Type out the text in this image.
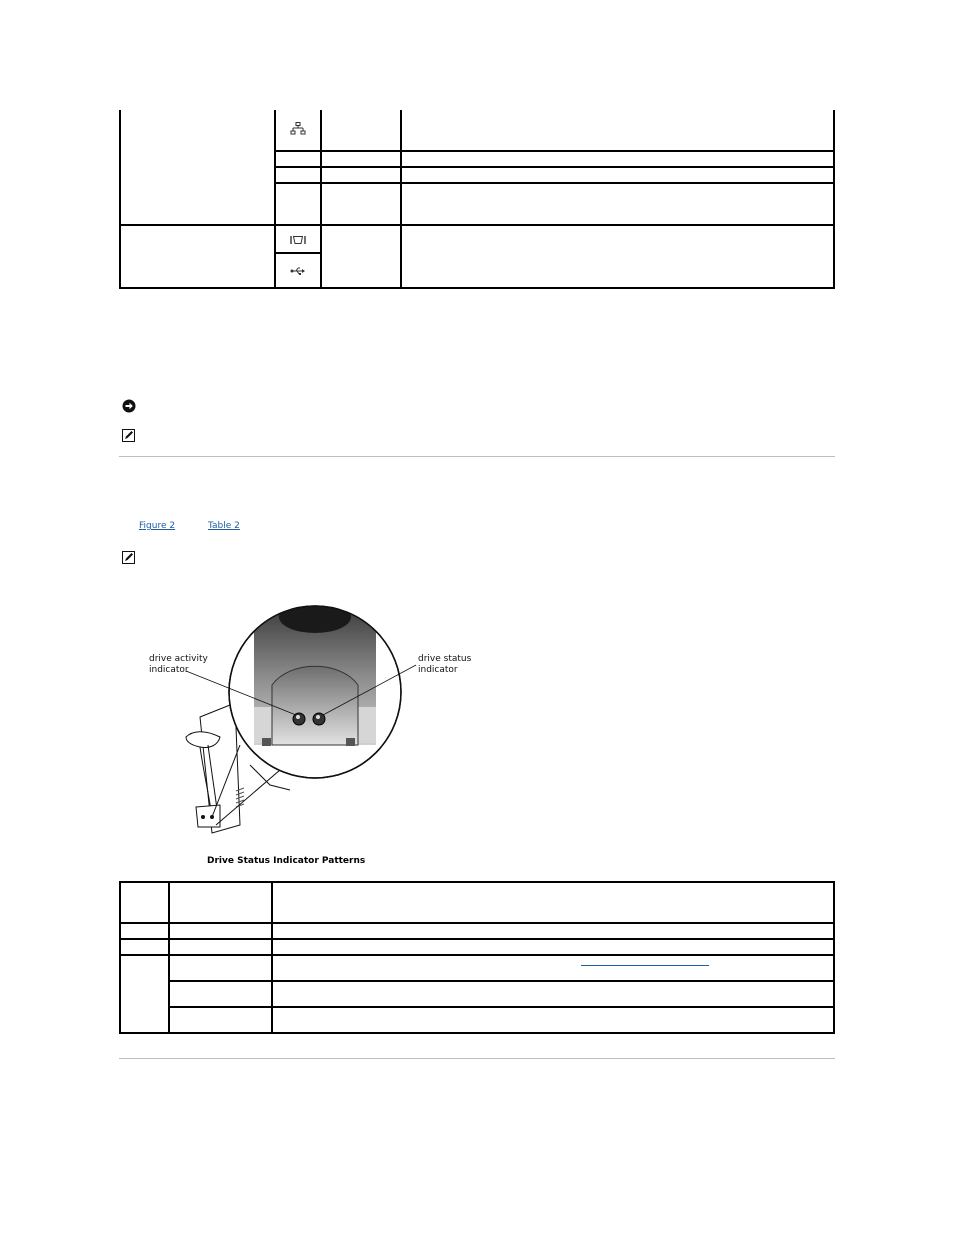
Figure 2	Table 2
drive activity
indicator
drive status
indicator
Drive Status Indicator Patterns
